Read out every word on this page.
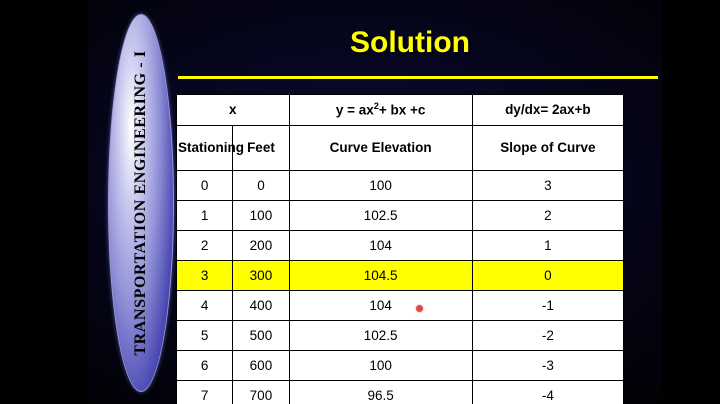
TRANSPORTATION ENGINEERING - I
Solution
x		$y = ax^2+$ bx +c	dy/dx= 2ax+b
Stationing	Feet	Curve Elevation	Slope of Curve
0	0	100	3
1	100	102.5	2
2	200	104	1
3	300	104.5	0
4	400	104	-1
5	500	102.5	-2
6	600	100	-3
7	700	96.5	-4
